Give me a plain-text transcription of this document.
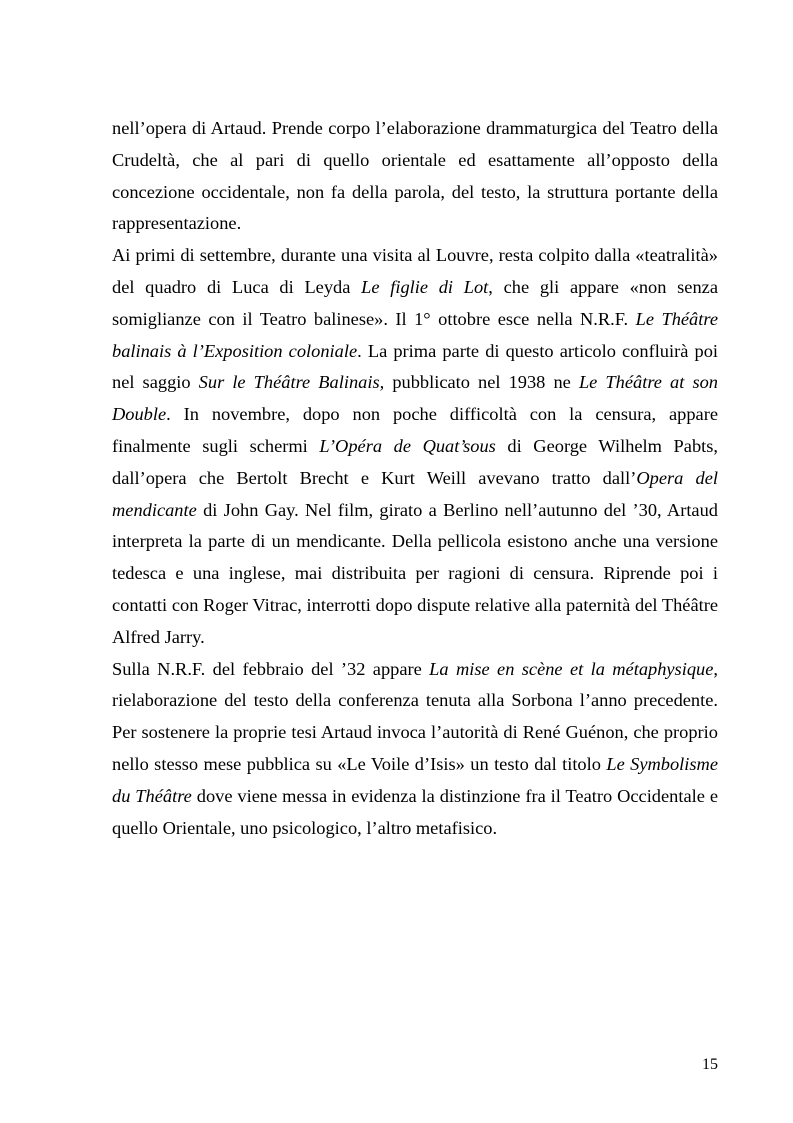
nell’opera di Artaud. Prende corpo l’elaborazione drammaturgica del Teatro della Crudeltà, che al pari di quello orientale ed esattamente all’opposto della concezione occidentale, non fa della parola, del testo, la struttura portante della rappresentazione.

Ai primi di settembre, durante una visita al Louvre, resta colpito dalla «teatralità» del quadro di Luca di Leyda Le figlie di Lot, che gli appare «non senza somiglianze con il Teatro balinese». Il 1° ottobre esce nella N.R.F. Le Théâtre balinais à l’Exposition coloniale. La prima parte di questo articolo confluirà poi nel saggio Sur le Théâtre Balinais, pubblicato nel 1938 ne Le Théâtre at son Double. In novembre, dopo non poche difficoltà con la censura, appare finalmente sugli schermi L’Opéra de Quat’sous di George Wilhelm Pabts, dall’opera che Bertolt Brecht e Kurt Weill avevano tratto dall’Opera del mendicante di John Gay. Nel film, girato a Berlino nell’autunno del ’30, Artaud interpreta la parte di un mendicante. Della pellicola esistono anche una versione tedesca e una inglese, mai distribuita per ragioni di censura. Riprende poi i contatti con Roger Vitrac, interrotti dopo dispute relative alla paternità del Théâtre Alfred Jarry.

Sulla N.R.F. del febbraio del ’32 appare La mise en scène et la métaphysique, rielaborazione del testo della conferenza tenuta alla Sorbona l’anno precedente. Per sostenere la proprie tesi Artaud invoca l’autorità di René Guénon, che proprio nello stesso mese pubblica su «Le Voile d’Isis» un testo dal titolo Le Symbolisme du Théâtre dove viene messa in evidenza la distinzione fra il Teatro Occidentale e quello Orientale, uno psicologico, l’altro metafisico.

15
